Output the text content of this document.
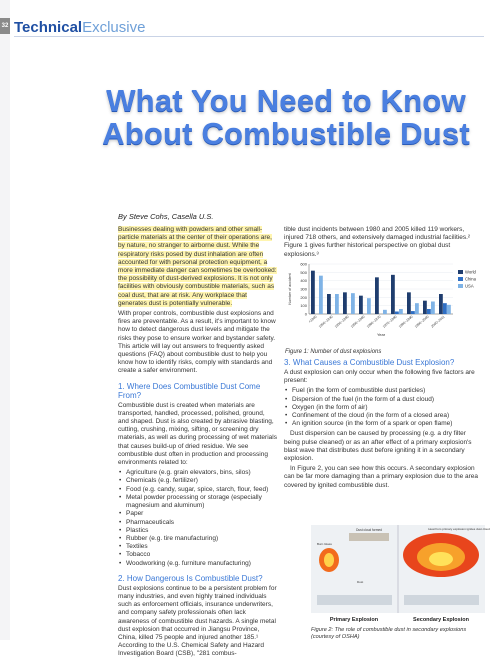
32 Technical Exclusive
What You Need to Know
About Combustible Dust
By Steve Cohs, Casella U.S.

Businesses dealing with powders and other small-particle materials at the center of their operations are, by nature, no stranger to airborne dust. While the respiratory risks posed by dust inhalation are often accounted for with personal protection equipment, a more immediate danger can sometimes be overlooked: the possibility of dust-derived explosions. It is not only facilities with obviously combustible materials, such as coal dust, that are at risk. Any workplace that generates dust is potentially vulnerable.

With proper controls, combustible dust explosions and fires are preventable. As a result, it's important to know how to detect dangerous dust levels and mitigate the risks they pose to ensure worker and bystander safety. This article will lay out answers to frequently asked questions (FAQ) about combustible dust to help you know how to identify risks, comply with standards and create a safer environment.

1. Where Does Combustible Dust Come From?

Combustible dust is created when materials are transported, handled, processed, polished, ground, and shaped. Dust is also created by abrasive blasting, cutting, crushing, mixing, sifting, or screening dry materials, as well as during processing of wet materials that causes build-up of dried residue. We see combustible dust often in production and processing environments related to:

• Agriculture (e.g. grain elevators, bins, silos)
• Chemicals (e.g. fertilizer)
• Food (e.g. candy, sugar, spice, starch, flour, feed)
• Metal powder processing or storage (especially magnesium and aluminum)
• Paper
• Pharmaceuticals
• Plastics
• Rubber (e.g. tire manufacturing)
• Textiles
• Tobacco
• Woodworking (e.g. furniture manufacturing)
2. How Dangerous Is Combustible Dust?

Dust explosions continue to be a persistent problem for many industries, and even highly trained individuals such as enforcement officials, insurance underwriters, and company safety professionals often lack awareness of combustible dust hazards. A single metal dust explosion that occurred in Jiangsu Province, China, killed 75 people and injured another 185.¹ According to the U.S. Chemical Safety and Hazard Investigation Board (CSB), "281 combus-

tible dust incidents between 1980 and 2005 killed 119 workers, injured 718 others, and extensively damaged industrial facilities.² Figure 1 gives further historical perspective on global dust explosions.³

0
100
200
300
400
500
600
<1900 1900~1930 1930~1950 1950~1960 1960~1970 1970~1980 1980~1990 1990~2000 2000~2011
Number of accident
Year
World
China
USA
Figure 1: Number of dust explosions
3. What Causes a Combustible Dust Explosion?

A dust explosion can only occur when the following five factors are present:

• Fuel (in the form of combustible dust particles)
• Dispersion of the fuel (in the form of a dust cloud)
• Oxygen (in the form of air)
• Confinement of the cloud (in the form of a closed area)
• An ignition source (in the form of a spark or open flame)

Dust dispersion can be caused by processing (e.g. a dry filter being pulse cleaned) or as an after effect of a primary explosion's blast wave that distributes dust before igniting it in a secondary explosion.

In Figure 2, you can see how this occurs. A secondary explosion can be far more damaging than a primary explosion due to the area covered by ignited combustible dust.

Dust cloud formed	Heat from primary explosion ignites dust cloud
Burn Glass
Dust
Primary Explosion	Secondary Explosion
Figure 2: The role of combustible dust in secondary explosions (courtesy of OSHA)
